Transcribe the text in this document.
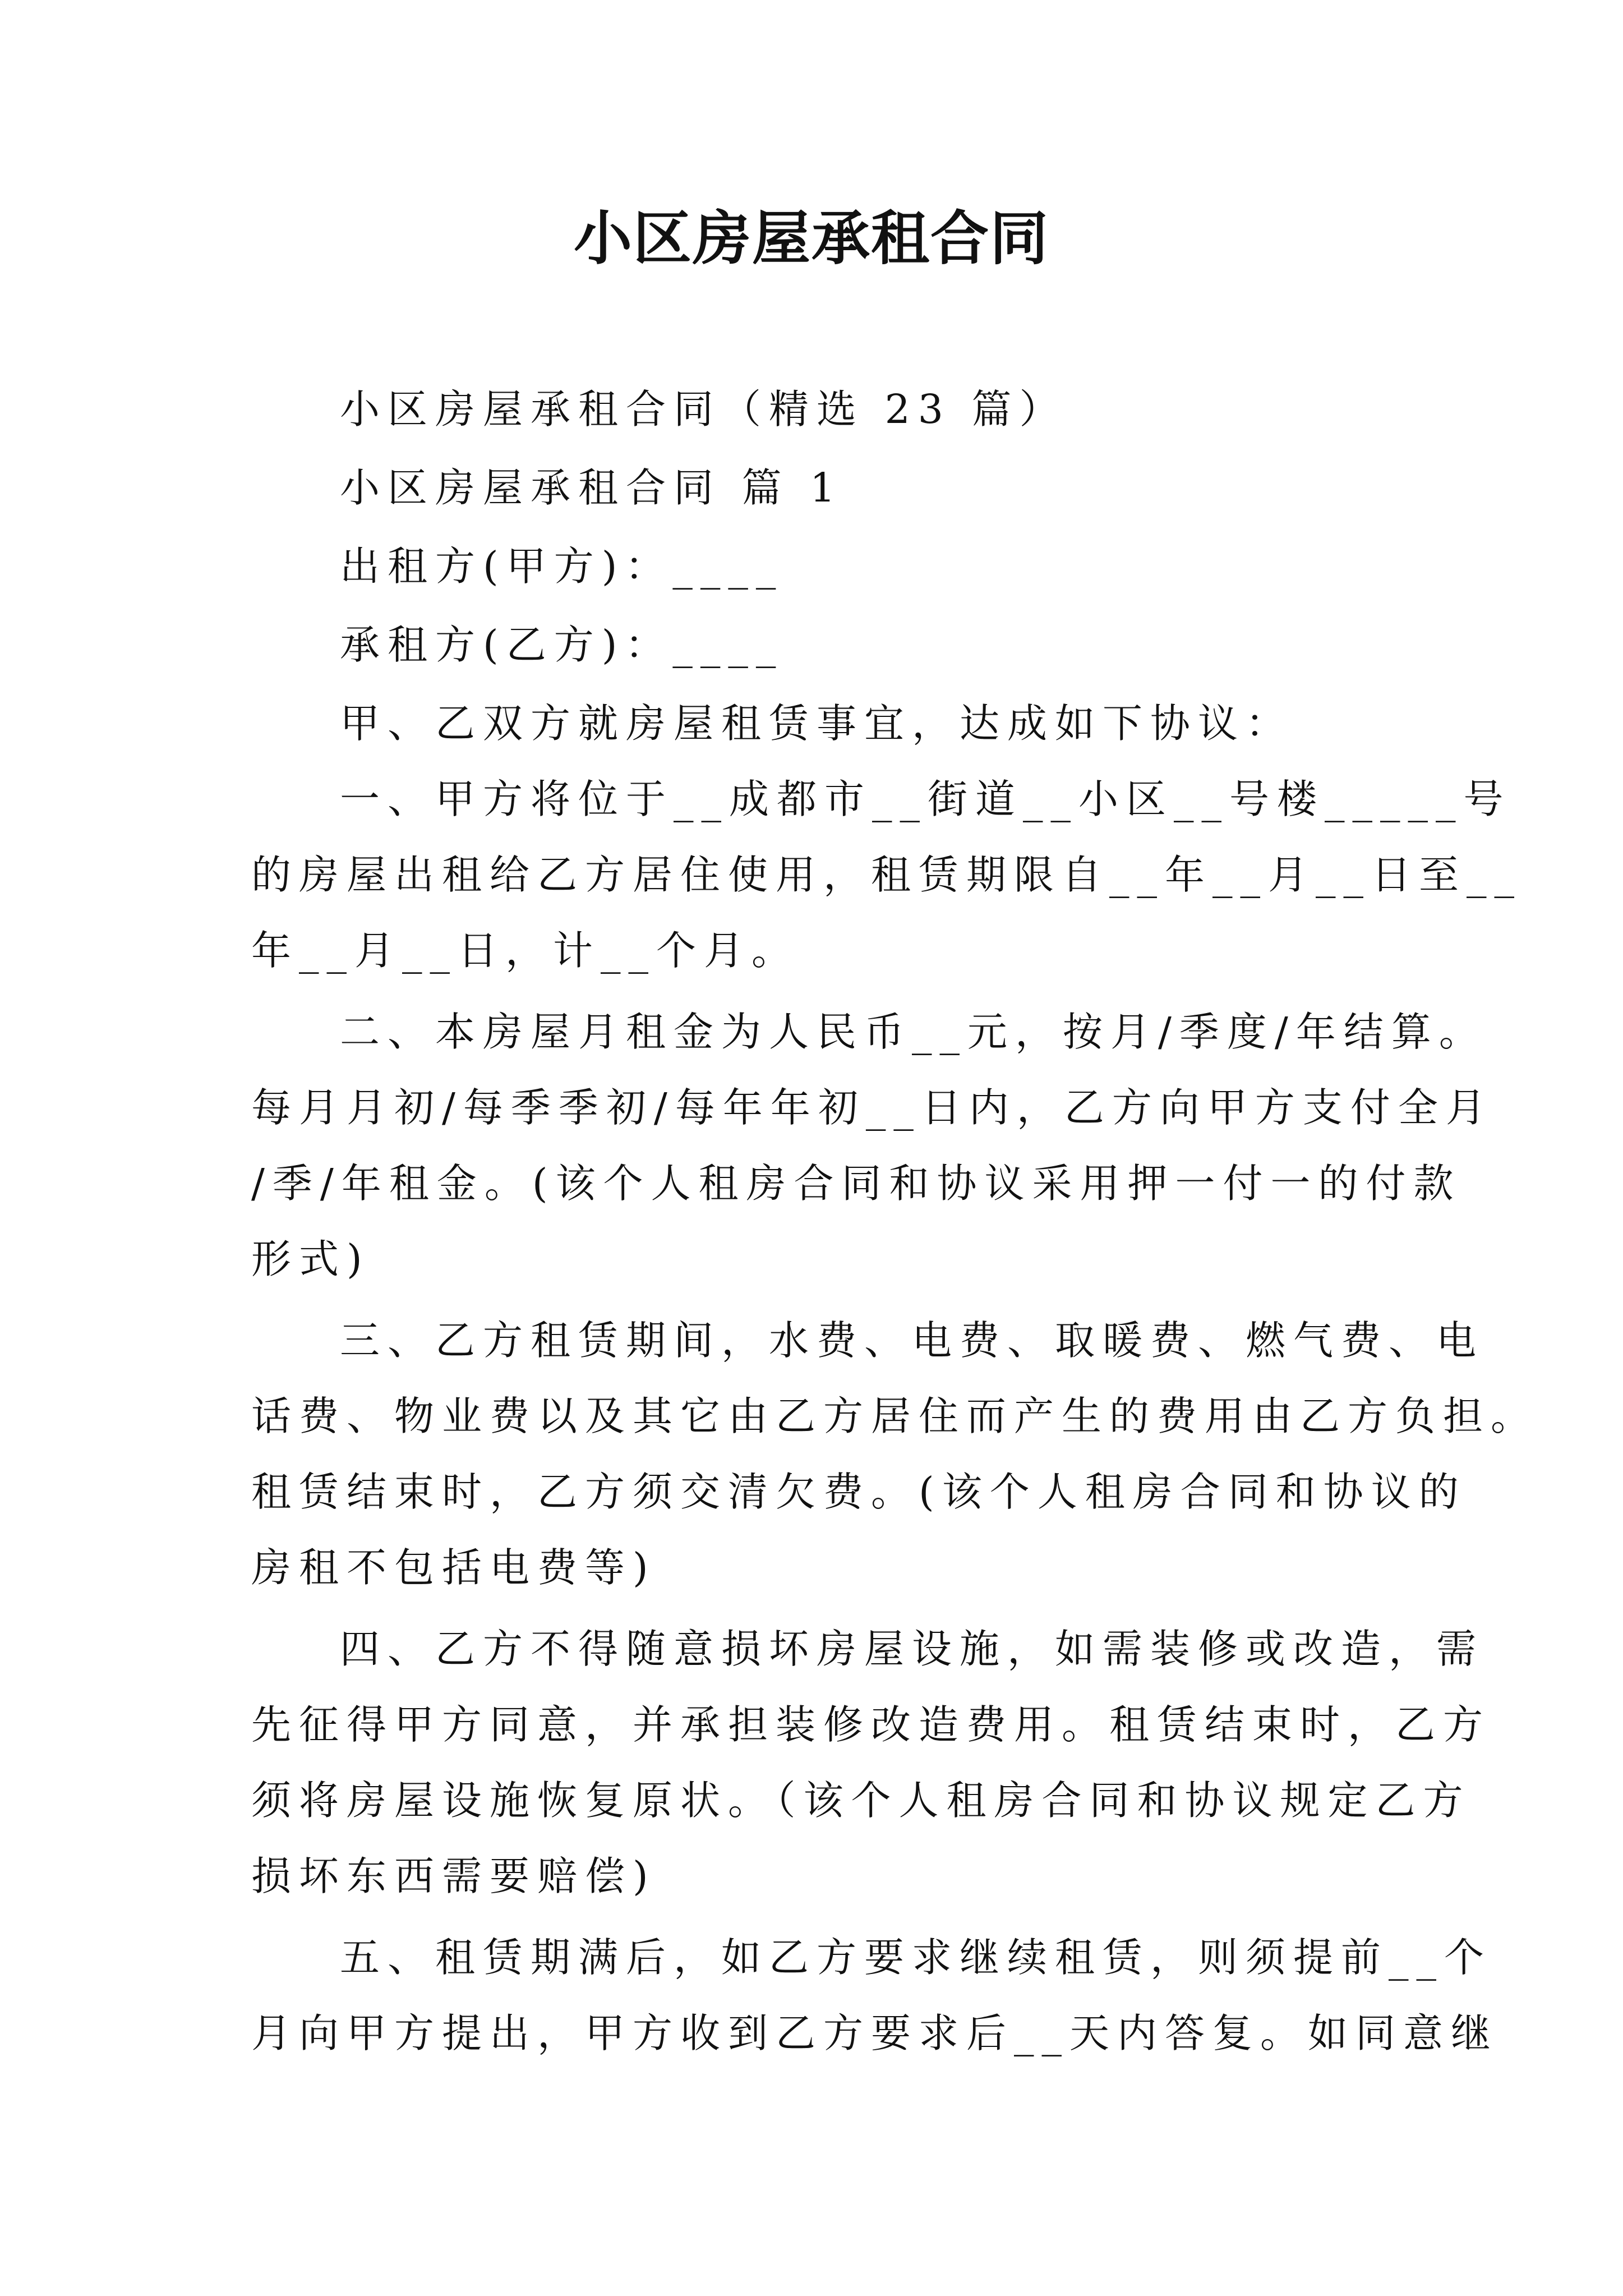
小区房屋承租合同

小区房屋承租合同（精选 23 篇）

小区房屋承租合同 篇 1

出租方(甲方)：____

承租方(乙方)：____

甲、乙双方就房屋租赁事宜，达成如下协议：

一、甲方将位于__成都市__街道__小区__号楼_____号

的房屋出租给乙方居住使用，租赁期限自__年__月__日至__

年__月__日，计__个月。

二、本房屋月租金为人民币__元，按月/季度/年结算。

每月月初/每季季初/每年年初__日内，乙方向甲方支付全月

/季/年租金。(该个人租房合同和协议采用押一付一的付款

形式)

三、乙方租赁期间，水费、电费、取暖费、燃气费、电

话费、物业费以及其它由乙方居住而产生的费用由乙方负担。

租赁结束时，乙方须交清欠费。(该个人租房合同和协议的

房租不包括电费等)

四、乙方不得随意损坏房屋设施，如需装修或改造，需

先征得甲方同意，并承担装修改造费用。租赁结束时，乙方

须将房屋设施恢复原状。（该个人租房合同和协议规定乙方

损坏东西需要赔偿)

五、租赁期满后，如乙方要求继续租赁，则须提前__个

月向甲方提出，甲方收到乙方要求后__天内答复。如同意继
